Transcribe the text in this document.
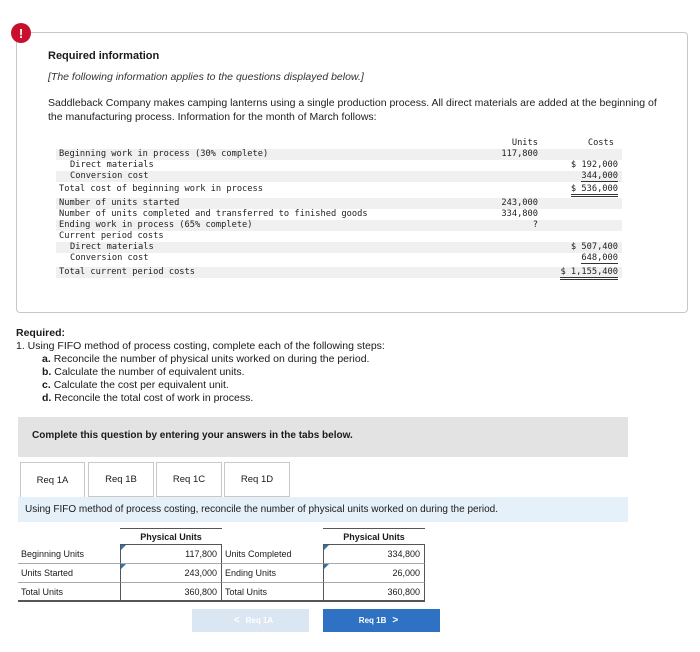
Required information
[The following information applies to the questions displayed below.]
Saddleback Company makes camping lanterns using a single production process. All direct materials are added at the beginning of the manufacturing process. Information for the month of March follows:
Units	Costs
Beginning work in process (30% complete)	117,800
Direct materials	$ 192,000
Conversion cost	344,000
Total cost of beginning work in process	$ 536,000
Number of units started	243,000
Number of units completed and transferred to finished goods	334,800
Ending work in process (65% complete)	?
Current period costs
Direct materials	$ 507,400
Conversion cost	648,000
Total current period costs	$ 1,155,400
!
Required:
1. Using FIFO method of process costing, complete each of the following steps:
a. Reconcile the number of physical units worked on during the period.
b. Calculate the number of equivalent units.
c. Calculate the cost per equivalent unit.
d. Reconcile the total cost of work in process.
Complete this question by entering your answers in the tabs below.
Req 1A	Req 1B	Req 1C	Req 1D
Using FIFO method of process costing, reconcile the number of physical units worked on during the period.
Physical Units	Physical Units
Beginning Units	117,800 Units Completed	334,800
Units Started	243,000 Ending Units	26,000
Total Units	360,800 Total Units	360,800
< Req 1A	Req 1B >
